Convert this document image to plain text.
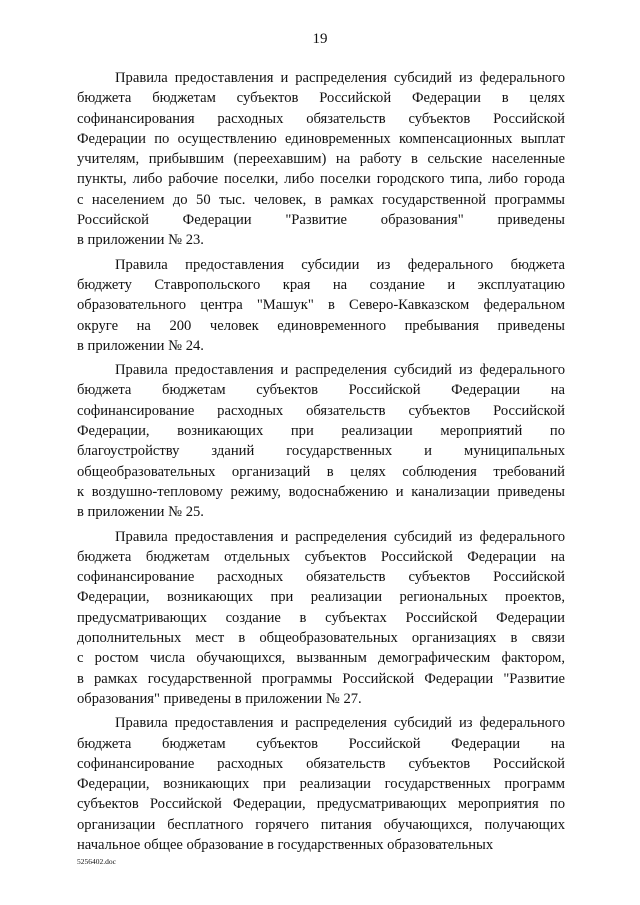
19
Правила предоставления и распределения субсидий из федерального
бюджета бюджетам субъектов Российской Федерации в целях
софинансирования расходных обязательств субъектов Российской
Федерации по осуществлению единовременных компенсационных выплат
учителям, прибывшим (переехавшим) на работу в сельские населенные
пункты, либо рабочие поселки, либо поселки городского типа, либо города
с населением до 50 тыс. человек, в рамках государственной программы
Российской Федерации "Развитие образования" приведены
в приложении № 23.
Правила предоставления субсидии из федерального бюджета
бюджету Ставропольского края на создание и эксплуатацию
образовательного центра "Машук" в Северо-Кавказском федеральном
округе на 200 человек единовременного пребывания приведены
в приложении № 24.
Правила предоставления и распределения субсидий из федерального
бюджета бюджетам субъектов Российской Федерации на
софинансирование расходных обязательств субъектов Российской
Федерации, возникающих при реализации мероприятий по
благоустройству зданий государственных и муниципальных
общеобразовательных организаций в целях соблюдения требований
к воздушно-тепловому режиму, водоснабжению и канализации приведены
в приложении № 25.
Правила предоставления и распределения субсидий из федерального
бюджета бюджетам отдельных субъектов Российской Федерации на
софинансирование расходных обязательств субъектов Российской
Федерации, возникающих при реализации региональных проектов,
предусматривающих создание в субъектах Российской Федерации
дополнительных мест в общеобразовательных организациях в связи
с ростом числа обучающихся, вызванным демографическим фактором,
в рамках государственной программы Российской Федерации "Развитие
образования" приведены в приложении № 27.
Правила предоставления и распределения субсидий из федерального
бюджета бюджетам субъектов Российской Федерации на
софинансирование расходных обязательств субъектов Российской
Федерации, возникающих при реализации государственных программ
субъектов Российской Федерации, предусматривающих мероприятия по
организации бесплатного горячего питания обучающихся, получающих
начальное общее образование в государственных образовательных
5256402.doc
